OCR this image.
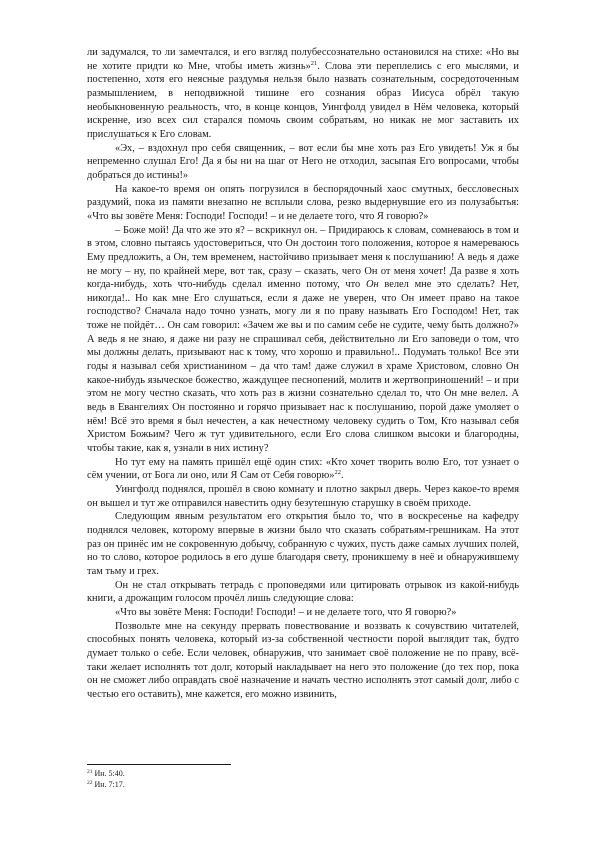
ли задумался, то ли замечтался, и его взгляд полубессознательно остановился на стихе: «Но вы не хотите придти ко Мне, чтобы иметь жизнь»$^{21}$. Слова эти переплелись с его мыслями, и постепенно, хотя его неясные раздумья нельзя было назвать сознательным, сосредоточенным размышлением, в неподвижной тишине его сознания образ Иисуса обрёл такую необыкновенную реальность, что, в конце концов, Уингфолд увидел в Нём человека, который искренне, изо всех сил старался помочь своим собратьям, но никак не мог заставить их прислушаться к Его словам.

«Эх, – вздохнул про себя священник, – вот если бы мне хоть раз Его увидеть! Уж я бы непременно слушал Его! Да я бы ни на шаг от Него не отходил, засыпая Его вопросами, чтобы добраться до истины!»

На какое-то время он опять погрузился в беспорядочный хаос смутных, бессловесных раздумий, пока из памяти внезапно не всплыли слова, резко выдернувшие его из полузабытья: «Что вы зовёте Меня: Господи! Господи! – и не делаете того, что Я говорю?»

– Боже мой! Да что же это я? – вскрикнул он. – Придираюсь к словам, сомневаюсь в том и в этом, словно пытаясь удостовериться, что Он достоин того положения, которое я намереваюсь Ему предложить, а Он, тем временем, настойчиво призывает меня к послушанию! А ведь я даже не могу – ну, по крайней мере, вот так, сразу – сказать, чего Он от меня хочет! Да разве я хоть когда-нибудь, хоть что-нибудь сделал именно потому, что Он велел мне это сделать? Нет, никогда!.. Но как мне Его слушаться, если я даже не уверен, что Он имеет право на такое господство? Сначала надо точно узнать, могу ли я по праву называть Его Господом! Нет, так тоже не пойдёт… Он сам говорил: «Зачем же вы и по самим себе не судите, чему быть должно?» А ведь я не знаю, я даже ни разу не спрашивал себя, действительно ли Его заповеди о том, что мы должны делать, призывают нас к тому, что хорошо и правильно!.. Подумать только! Все эти годы я называл себя христианином – да что там! даже служил в храме Христовом, словно Он какое-нибудь языческое божество, жаждущее песнопений, молитв и жертвоприношений! – и при этом не могу честно сказать, что хоть раз в жизни сознательно сделал то, что Он мне велел. А ведь в Евангелиях Он постоянно и горячо призывает нас к послушанию, порой даже умоляет о нём! Всё это время я был нечестен, а как нечестному человеку судить о Том, Кто называл себя Христом Божьим? Чего ж тут удивительного, если Его слова слишком высоки и благородны, чтобы такие, как я, узнали в них истину?

Но тут ему на память пришёл ещё один стих: «Кто хочет творить волю Его, тот узнает о сём учении, от Бога ли оно, или Я Сам от Себя говорю»$^{22}$.

Уингфолд поднялся, прошёл в свою комнату и плотно закрыл дверь. Через какое-то время он вышел и тут же отправился навестить одну безутешную старушку в своём приходе.

Следующим явным результатом его открытия было то, что в воскресенье на кафедру поднялся человек, которому впервые в жизни было что сказать собратьям-грешникам. На этот раз он принёс им не сокровенную добычу, собранную с чужих, пусть даже самых лучших полей, но то слово, которое родилось в его душе благодаря свету, проникшему в неё и обнаружившему там тьму и грех.

Он не стал открывать тетрадь с проповедями или цитировать отрывок из какой-нибудь книги, а дрожащим голосом прочёл лишь следующие слова:

«Что вы зовёте Меня: Господи! Господи! – и не делаете того, что Я говорю?»

Позвольте мне на секунду прервать повествование и воззвать к сочувствию читателей, способных понять человека, который из-за собственной честности порой выглядит так, будто думает только о себе. Если человек, обнаружив, что занимает своё положение не по праву, всё-таки желает исполнять тот долг, который накладывает на него это положение (до тех пор, пока он не сможет либо оправдать своё назначение и начать честно исполнять этот самый долг, либо с честью его оставить), мне кажется, его можно извинить,

$^{21}$ Ин. 5:40.
$^{22}$ Ин. 7:17.
